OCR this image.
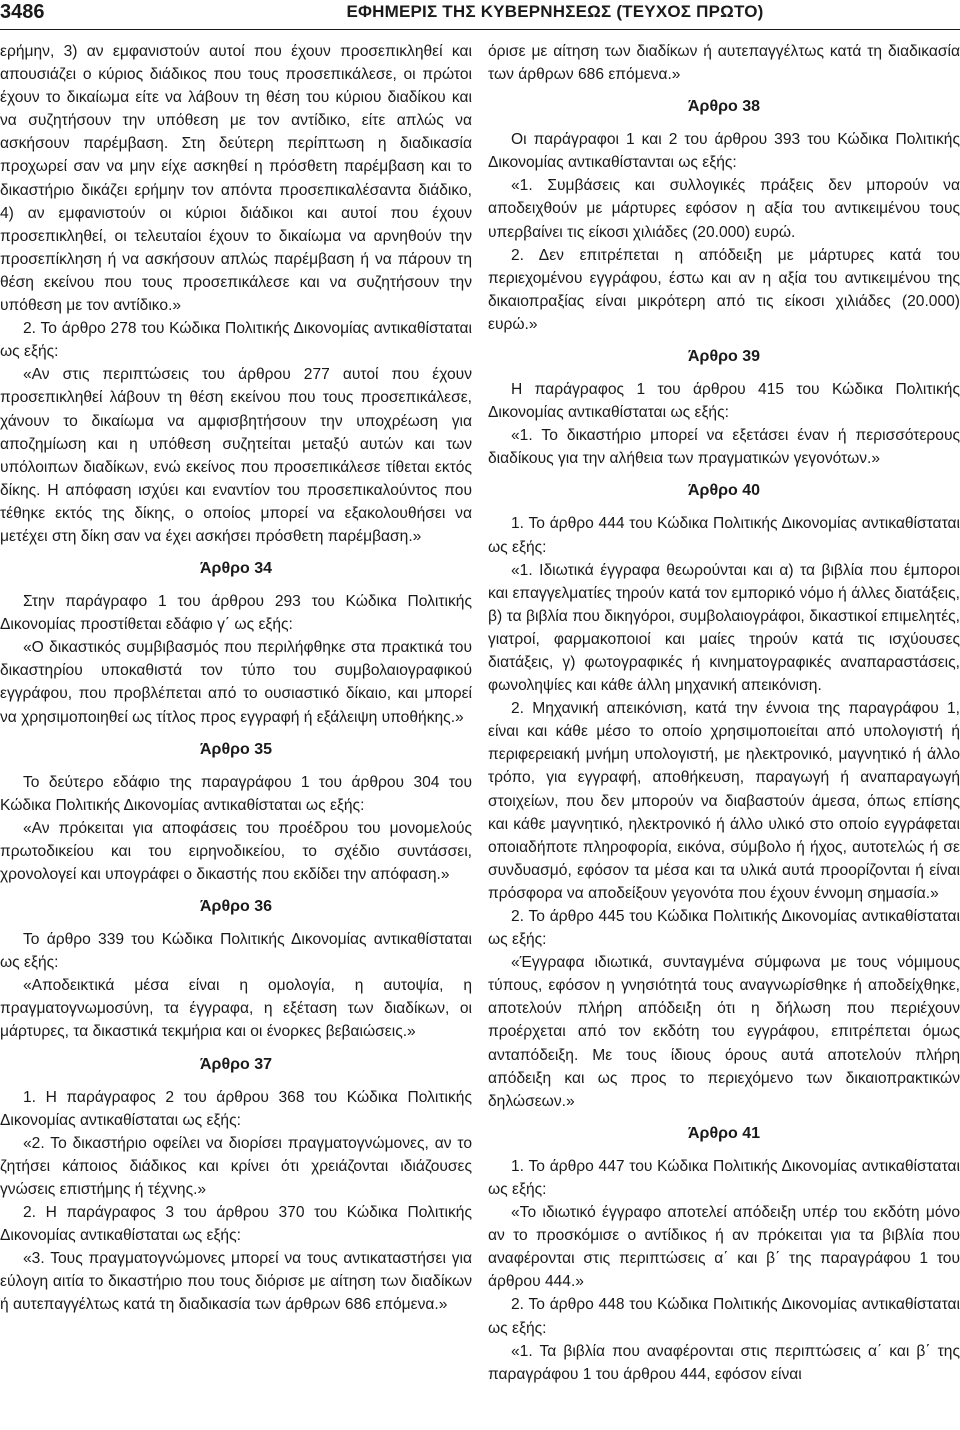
3486	ΕΦΗΜΕΡΙΣ ΤΗΣ ΚΥΒΕΡΝΗΣΕΩΣ (ΤΕΥΧΟΣ ΠΡΩΤΟ)

ερήμην, 3) αν εμφανιστούν αυτοί που έχουν προσεπικληθεί και απουσιάζει ο κύριος διάδικος που τους προσεπικάλεσε, οι πρώτοι έχουν το δικαίωμα είτε να λάβουν τη θέση του κύριου διαδίκου και να συζητήσουν την υπόθεση με τον αντίδικο, είτε απλώς να ασκήσουν παρέμβαση. Στη δεύτερη περίπτωση η διαδικασία προχωρεί σαν να μην είχε ασκηθεί η πρόσθετη παρέμβαση και το δικαστήριο δικάζει ερήμην τον απόντα προσεπικαλέσαντα διάδικο, 4) αν εμφανιστούν οι κύριοι διάδικοι και αυτοί που έχουν προσεπικληθεί, οι τελευταίοι έχουν το δικαίωμα να αρνηθούν την προσεπίκληση ή να ασκήσουν απλώς παρέμβαση ή να πάρουν τη θέση εκείνου που τους προσεπικάλεσε και να συζητήσουν την υπόθεση με τον αντίδικο.»

2. Το άρθρο 278 του Κώδικα Πολιτικής Δικονομίας αντικαθίσταται ως εξής:

«Αν στις περιπτώσεις του άρθρου 277 αυτοί που έχουν προσεπικληθεί λάβουν τη θέση εκείνου που τους προσεπικάλεσε, χάνουν το δικαίωμα να αμφισβητήσουν την υποχρέωση για αποζημίωση και η υπόθεση συζητείται μεταξύ αυτών και των υπόλοιπων διαδίκων, ενώ εκείνος που προσεπικάλεσε τίθεται εκτός δίκης. Η απόφαση ισχύει και εναντίον του προσεπικαλούντος που τέθηκε εκτός της δίκης, ο οποίος μπορεί να εξακολουθήσει να μετέχει στη δίκη σαν να έχει ασκήσει πρόσθετη παρέμβαση.»

Άρθρο 34

Στην παράγραφο 1 του άρθρου 293 του Κώδικα Πολιτικής Δικονομίας προστίθεται εδάφιο γ΄ ως εξής:

«Ο δικαστικός συμβιβασμός που περιλήφθηκε στα πρακτικά του δικαστηρίου υποκαθιστά τον τύπο του συμβολαιογραφικού εγγράφου, που προβλέπεται από το ουσιαστικό δίκαιο, και μπορεί να χρησιμοποιηθεί ως τίτλος προς εγγραφή ή εξάλειψη υποθήκης.»

Άρθρο 35

Το δεύτερο εδάφιο της παραγράφου 1 του άρθρου 304 του Κώδικα Πολιτικής Δικονομίας αντικαθίσταται ως εξής:

«Αν πρόκειται για αποφάσεις του προέδρου του μονομελούς πρωτοδικείου και του ειρηνοδικείου, το σχέδιο συντάσσει, χρονολογεί και υπογράφει ο δικαστής που εκδίδει την απόφαση.»

Άρθρο 36

Το άρθρο 339 του Κώδικα Πολιτικής Δικονομίας αντικαθίσταται ως εξής:

«Αποδεικτικά μέσα είναι η ομολογία, η αυτοψία, η πραγματογνωμοσύνη, τα έγγραφα, η εξέταση των διαδίκων, οι μάρτυρες, τα δικαστικά τεκμήρια και οι ένορκες βεβαιώσεις.»

Άρθρο 37

1. Η παράγραφος 2 του άρθρου 368 του Κώδικα Πολιτικής Δικονομίας αντικαθίσταται ως εξής:

«2. Το δικαστήριο οφείλει να διορίσει πραγματογνώμονες, αν το ζητήσει κάποιος διάδικος και κρίνει ότι χρειάζονται ιδιάζουσες γνώσεις επιστήμης ή τέχνης.»

2. Η παράγραφος 3 του άρθρου 370 του Κώδικα Πολιτικής Δικονομίας αντικαθίσταται ως εξής:

«3. Τους πραγματογνώμονες μπορεί να τους αντικαταστήσει για εύλογη αιτία το δικαστήριο που τους διόρισε με αίτηση των διαδίκων ή αυτεπαγγέλτως κατά τη διαδικασία των άρθρων 686 επόμενα.»

όρισε με αίτηση των διαδίκων ή αυτεπαγγέλτως κατά τη διαδικασία των άρθρων 686 επόμενα.»

Άρθρο 38

Οι παράγραφοι 1 και 2 του άρθρου 393 του Κώδικα Πολιτικής Δικονομίας αντικαθίστανται ως εξής:

«1. Συμβάσεις και συλλογικές πράξεις δεν μπορούν να αποδειχθούν με μάρτυρες εφόσον η αξία του αντικειμένου τους υπερβαίνει τις είκοσι χιλιάδες (20.000) ευρώ.

2. Δεν επιτρέπεται η απόδειξη με μάρτυρες κατά του περιεχομένου εγγράφου, έστω και αν η αξία του αντικειμένου της δικαιοπραξίας είναι μικρότερη από τις είκοσι χιλιάδες (20.000) ευρώ.»

Άρθρο 39

Η παράγραφος 1 του άρθρου 415 του Κώδικα Πολιτικής Δικονομίας αντικαθίσταται ως εξής:

«1. Το δικαστήριο μπορεί να εξετάσει έναν ή περισσότερους διαδίκους για την αλήθεια των πραγματικών γεγονότων.»

Άρθρο 40

1. Το άρθρο 444 του Κώδικα Πολιτικής Δικονομίας αντικαθίσταται ως εξής:

«1. Ιδιωτικά έγγραφα θεωρούνται και α) τα βιβλία που έμποροι και επαγγελματίες τηρούν κατά τον εμπορικό νόμο ή άλλες διατάξεις, β) τα βιβλία που δικηγόροι, συμβολαιογράφοι, δικαστικοί επιμελητές, γιατροί, φαρμακοποιοί και μαίες τηρούν κατά τις ισχύουσες διατάξεις, γ) φωτογραφικές ή κινηματογραφικές αναπαραστάσεις, φωνοληψίες και κάθε άλλη μηχανική απεικόνιση.

2. Μηχανική απεικόνιση, κατά την έννοια της παραγράφου 1, είναι και κάθε μέσο το οποίο χρησιμοποιείται από υπολογιστή ή περιφερειακή μνήμη υπολογιστή, με ηλεκτρονικό, μαγνητικό ή άλλο τρόπο, για εγγραφή, αποθήκευση, παραγωγή ή αναπαραγωγή στοιχείων, που δεν μπορούν να διαβαστούν άμεσα, όπως επίσης και κάθε μαγνητικό, ηλεκτρονικό ή άλλο υλικό στο οποίο εγγράφεται οποιαδήποτε πληροφορία, εικόνα, σύμβολο ή ήχος, αυτοτελώς ή σε συνδυασμό, εφόσον τα μέσα και τα υλικά αυτά προορίζονται ή είναι πρόσφορα να αποδείξουν γεγονότα που έχουν έννομη σημασία.»

2. Το άρθρο 445 του Κώδικα Πολιτικής Δικονομίας αντικαθίσταται ως εξής:

«Έγγραφα ιδιωτικά, συνταγμένα σύμφωνα με τους νόμιμους τύπους, εφόσον η γνησιότητά τους αναγνωρίσθηκε ή αποδείχθηκε, αποτελούν πλήρη απόδειξη ότι η δήλωση που περιέχουν προέρχεται από τον εκδότη του εγγράφου, επιτρέπεται όμως ανταπόδειξη. Με τους ίδιους όρους αυτά αποτελούν πλήρη απόδειξη και ως προς το περιεχόμενο των δικαιοπρακτικών δηλώσεων.»

Άρθρο 41

1. Το άρθρο 447 του Κώδικα Πολιτικής Δικονομίας αντικαθίσταται ως εξής:

«Το ιδιωτικό έγγραφο αποτελεί απόδειξη υπέρ του εκδότη μόνο αν το προσκόμισε ο αντίδικος ή αν πρόκειται για τα βιβλία που αναφέρονται στις περιπτώσεις α΄ και β΄ της παραγράφου 1 του άρθρου 444.»

2. Το άρθρο 448 του Κώδικα Πολιτικής Δικονομίας αντικαθίσταται ως εξής:

«1. Τα βιβλία που αναφέρονται στις περιπτώσεις α΄ και β΄ της παραγράφου 1 του άρθρου 444, εφόσον είναι
